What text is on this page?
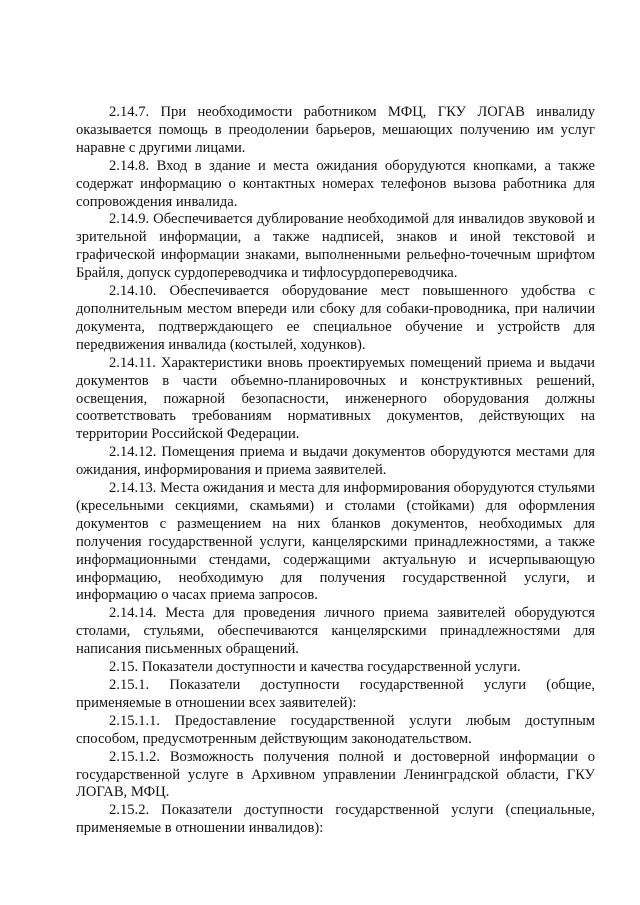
2.14.7. При необходимости работником МФЦ, ГКУ ЛОГАВ инвалиду оказывается помощь в преодолении барьеров, мешающих получению им услуг наравне с другими лицами.

2.14.8. Вход в здание и места ожидания оборудуются кнопками, а также содержат информацию о контактных номерах телефонов вызова работника для сопровождения инвалида.

2.14.9. Обеспечивается дублирование необходимой для инвалидов звуковой и зрительной информации, а также надписей, знаков и иной текстовой и графической информации знаками, выполненными рельефно-точечным шрифтом Брайля, допуск сурдопереводчика и тифлосурдопереводчика.

2.14.10. Обеспечивается оборудование мест повышенного удобства с дополнительным местом впереди или сбоку для собаки-проводника, при наличии документа, подтверждающего ее специальное обучение и устройств для передвижения инвалида (костылей, ходунков).

2.14.11. Характеристики вновь проектируемых помещений приема и выдачи документов в части объемно-планировочных и конструктивных решений, освещения, пожарной безопасности, инженерного оборудования должны соответствовать требованиям нормативных документов, действующих на территории Российской Федерации.

2.14.12. Помещения приема и выдачи документов оборудуются местами для ожидания, информирования и приема заявителей.

2.14.13. Места ожидания и места для информирования оборудуются стульями (кресельными секциями, скамьями) и столами (стойками) для оформления документов с размещением на них бланков документов, необходимых для получения государственной услуги, канцелярскими принадлежностями, а также информационными стендами, содержащими актуальную и исчерпывающую информацию, необходимую для получения государственной услуги, и информацию о часах приема запросов.

2.14.14. Места для проведения личного приема заявителей оборудуются столами, стульями, обеспечиваются канцелярскими принадлежностями для написания письменных обращений.

2.15. Показатели доступности и качества государственной услуги.

2.15.1. Показатели доступности государственной услуги (общие, применяемые в отношении всех заявителей):

2.15.1.1. Предоставление государственной услуги любым доступным способом, предусмотренным действующим законодательством.

2.15.1.2. Возможность получения полной и достоверной информации о государственной услуге в Архивном управлении Ленинградской области, ГКУ ЛОГАВ, МФЦ.

2.15.2. Показатели доступности государственной услуги (специальные, применяемые в отношении инвалидов):
